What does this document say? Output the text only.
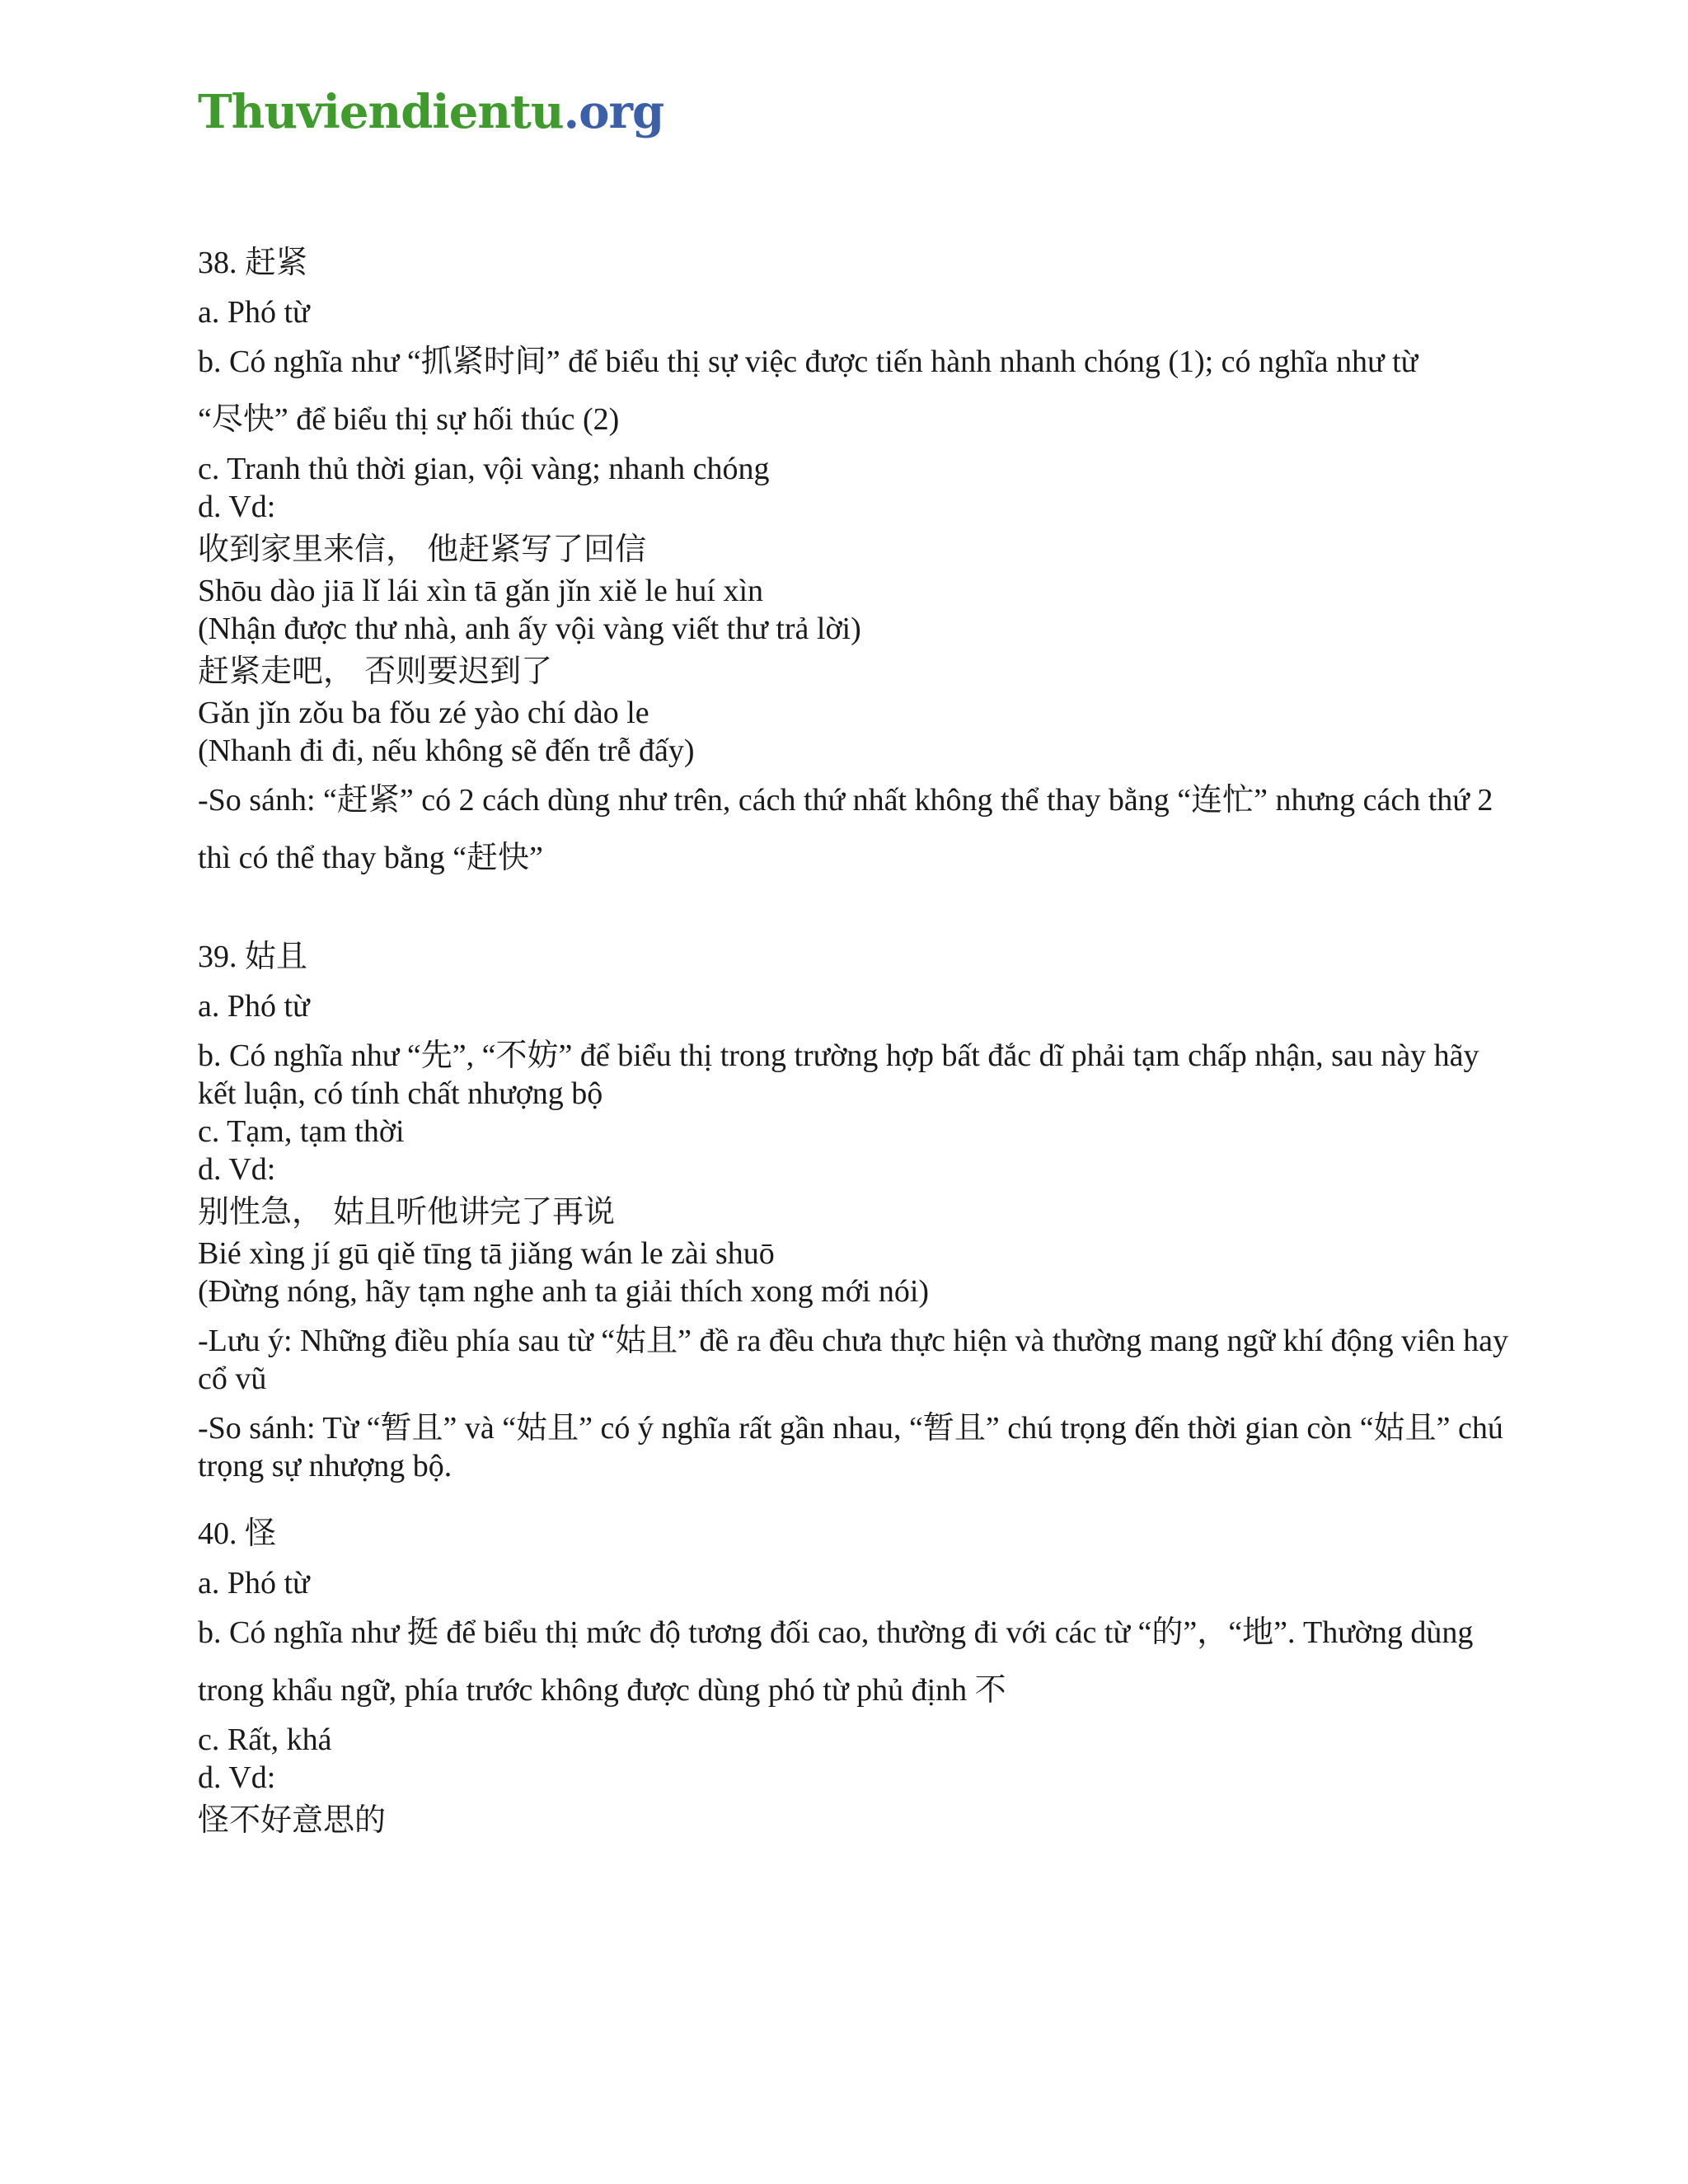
Thuviendientu.org

38. 赶紧

a. Phó từ

b. Có nghĩa như “抓紧时间” để biểu thị sự việc được tiến hành nhanh chóng (1); có nghĩa như từ

“尽快” để biểu thị sự hối thúc (2)

c. Tranh thủ thời gian, vội vàng; nhanh chóng

d. Vd:

收到家里来信， 他赶紧写了回信

Shōu dào jiā lǐ lái xìn tā gǎn jǐn xiě le huí xìn

(Nhận được thư nhà, anh ấy vội vàng viết thư trả lời)

赶紧走吧， 否则要迟到了

Gǎn jǐn zǒu ba fǒu zé yào chí dào le

(Nhanh đi đi, nếu không sẽ đến trễ đấy)

-So sánh: “赶紧” có 2 cách dùng như trên, cách thứ nhất không thể thay bằng “连忙” nhưng cách thứ 2

thì có thể thay bằng “赶快”

39. 姑且

a. Phó từ

b. Có nghĩa như “先”, “不妨” để biểu thị trong trường hợp bất đắc dĩ phải tạm chấp nhận, sau này hãy

kết luận, có tính chất nhượng bộ

c. Tạm, tạm thời

d. Vd:

别性急， 姑且听他讲完了再说

Bié xìng jí gū qiě tīng tā jiǎng wán le zài shuō

(Đừng nóng, hãy tạm nghe anh ta giải thích xong mới nói)

-Lưu ý: Những điều phía sau từ “姑且” đề ra đều chưa thực hiện và thường mang ngữ khí động viên hay

cổ vũ

-So sánh: Từ “暂且” và “姑且” có ý nghĩa rất gần nhau, “暂且” chú trọng đến thời gian còn “姑且” chú

trọng sự nhượng bộ.

40. 怪

a. Phó từ

b. Có nghĩa như 挺 để biểu thị mức độ tương đối cao, thường đi với các từ “的”，“地”. Thường dùng

trong khẩu ngữ, phía trước không được dùng phó từ phủ định 不

c. Rất, khá

d. Vd:

怪不好意思的
